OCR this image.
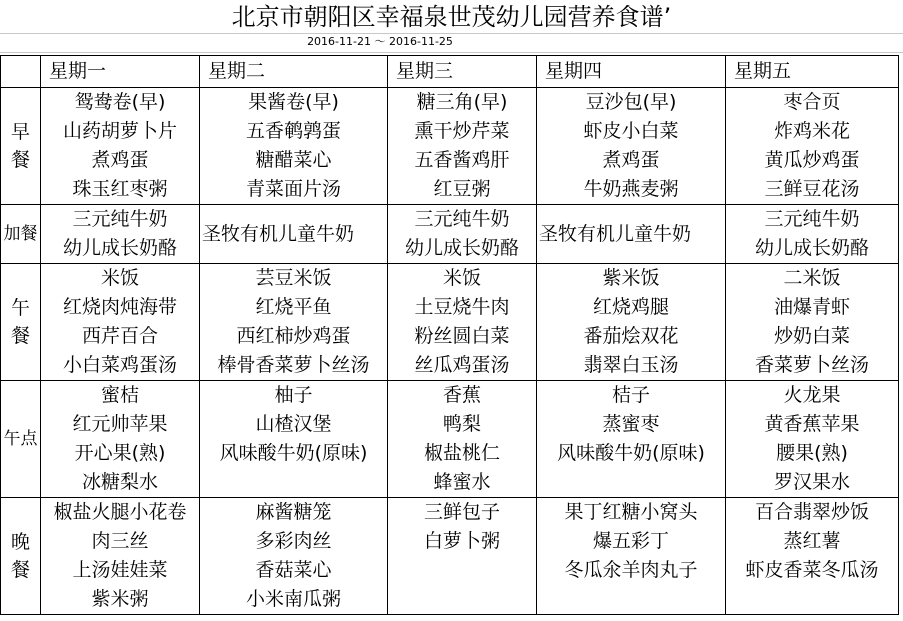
北京市朝阳区幸福泉世茂幼儿园营养食谱’
2016-11-21 ～ 2016-11-25
	星期一	星期二	星期三	星期四	星期五
早餐	鸳鸯卷(早)	果酱卷(早)	糖三角(早)	豆沙包(早)	枣合页
	山药胡萝卜片	五香鹌鹑蛋	熏干炒芹菜	虾皮小白菜	炸鸡米花
	煮鸡蛋	糖醋菜心	五香酱鸡肝	煮鸡蛋	黄瓜炒鸡蛋
	珠玉红枣粥	青菜面片汤	红豆粥	牛奶燕麦粥	三鲜豆花汤
加餐	三元纯牛奶	圣牧有机儿童牛奶	三元纯牛奶	圣牧有机儿童牛奶	三元纯牛奶
	幼儿成长奶酪		幼儿成长奶酪		幼儿成长奶酪
午餐	米饭	芸豆米饭	米饭	紫米饭	二米饭
	红烧肉炖海带	红烧平鱼	土豆烧牛肉	红烧鸡腿	油爆青虾
	西芹百合	西红柿炒鸡蛋	粉丝圆白菜	番茄烩双花	炒奶白菜
	小白菜鸡蛋汤	棒骨香菜萝卜丝汤	丝瓜鸡蛋汤	翡翠白玉汤	香菜萝卜丝汤
午点	蜜桔	柚子	香蕉	桔子	火龙果
	红元帅苹果	山楂汉堡	鸭梨	蒸蜜枣	黄香蕉苹果
	开心果(熟)	风味酸牛奶(原味)	椒盐桃仁	风味酸牛奶(原味)	腰果(熟)
	冰糖梨水		蜂蜜水		罗汉果水
晚餐	椒盐火腿小花卷	麻酱糖笼	三鲜包子	果丁红糖小窝头	百合翡翠炒饭
	肉三丝	多彩肉丝	白萝卜粥	爆五彩丁	蒸红薯
	上汤娃娃菜	香菇菜心		冬瓜氽羊肉丸子	虾皮香菜冬瓜汤
	紫米粥	小米南瓜粥			
